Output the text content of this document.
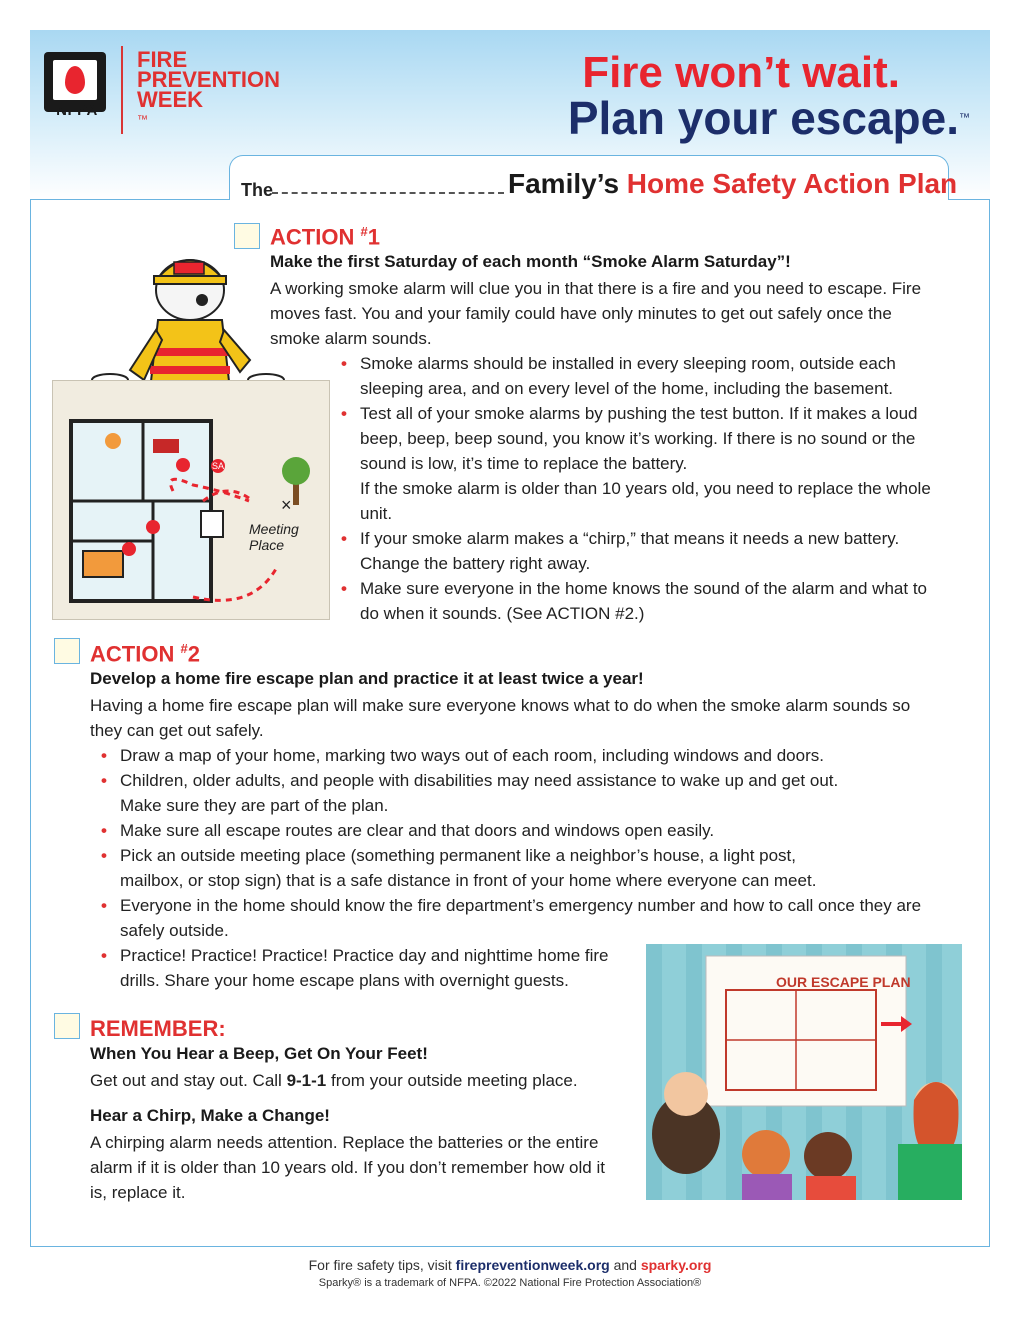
NFPA
FIRE
PREVENTION
WEEK
™
Fire won’t wait.
Plan your escape.™
The	Family’s Home Safety Action Plan
×
Meeting Place
SA
ACTION #1
Make the first Saturday of each month “Smoke Alarm Saturday”!
A working smoke alarm will clue you in that there is a fire and you need to escape. Fire moves fast. You and your family could have only minutes to get out safely once the smoke alarm sounds.
• Smoke alarms should be installed in every sleeping room, outside each sleeping area, and on every level of the home, including the basement.
• Test all of your smoke alarms by pushing the test button. If it makes a loud beep, beep, beep sound, you know it’s working. If there is no sound or the sound is low, it’s time to replace the battery.
If the smoke alarm is older than 10 years old, you need to replace the whole unit.
• If your smoke alarm makes a “chirp,” that means it needs a new battery. Change the battery right away.
• Make sure everyone in the home knows the sound of the alarm and what to do when it sounds. (See ACTION #2.)
ACTION #2
Develop a home fire escape plan and practice it at least twice a year!
Having a home fire escape plan will make sure everyone knows what to do when the smoke alarm sounds so they can get out safely.
• Draw a map of your home, marking two ways out of each room, including windows and doors.
• Children, older adults, and people with disabilities may need assistance to wake up and get out. Make sure they are part of the plan.
• Make sure all escape routes are clear and that doors and windows open easily.
• Pick an outside meeting place (something permanent like a neighbor’s house, a light post, mailbox, or stop sign) that is a safe distance in front of your home where everyone can meet.
• Everyone in the home should know the fire department’s emergency number and how to call once they are safely outside.
• Practice! Practice! Practice! Practice day and nighttime home fire drills. Share your home escape plans with overnight guests.
REMEMBER:
When You Hear a Beep, Get On Your Feet!
Get out and stay out. Call 9-1-1 from your outside meeting place.
Hear a Chirp, Make a Change!
A chirping alarm needs attention. Replace the batteries or the entire alarm if it is older than 10 years old. If you don’t remember how old it is, replace it.
OUR ESCAPE PLAN
For fire safety tips, visit firepreventionweek.org and sparky.org
Sparky® is a trademark of NFPA. ©2022 National Fire Protection Association®
